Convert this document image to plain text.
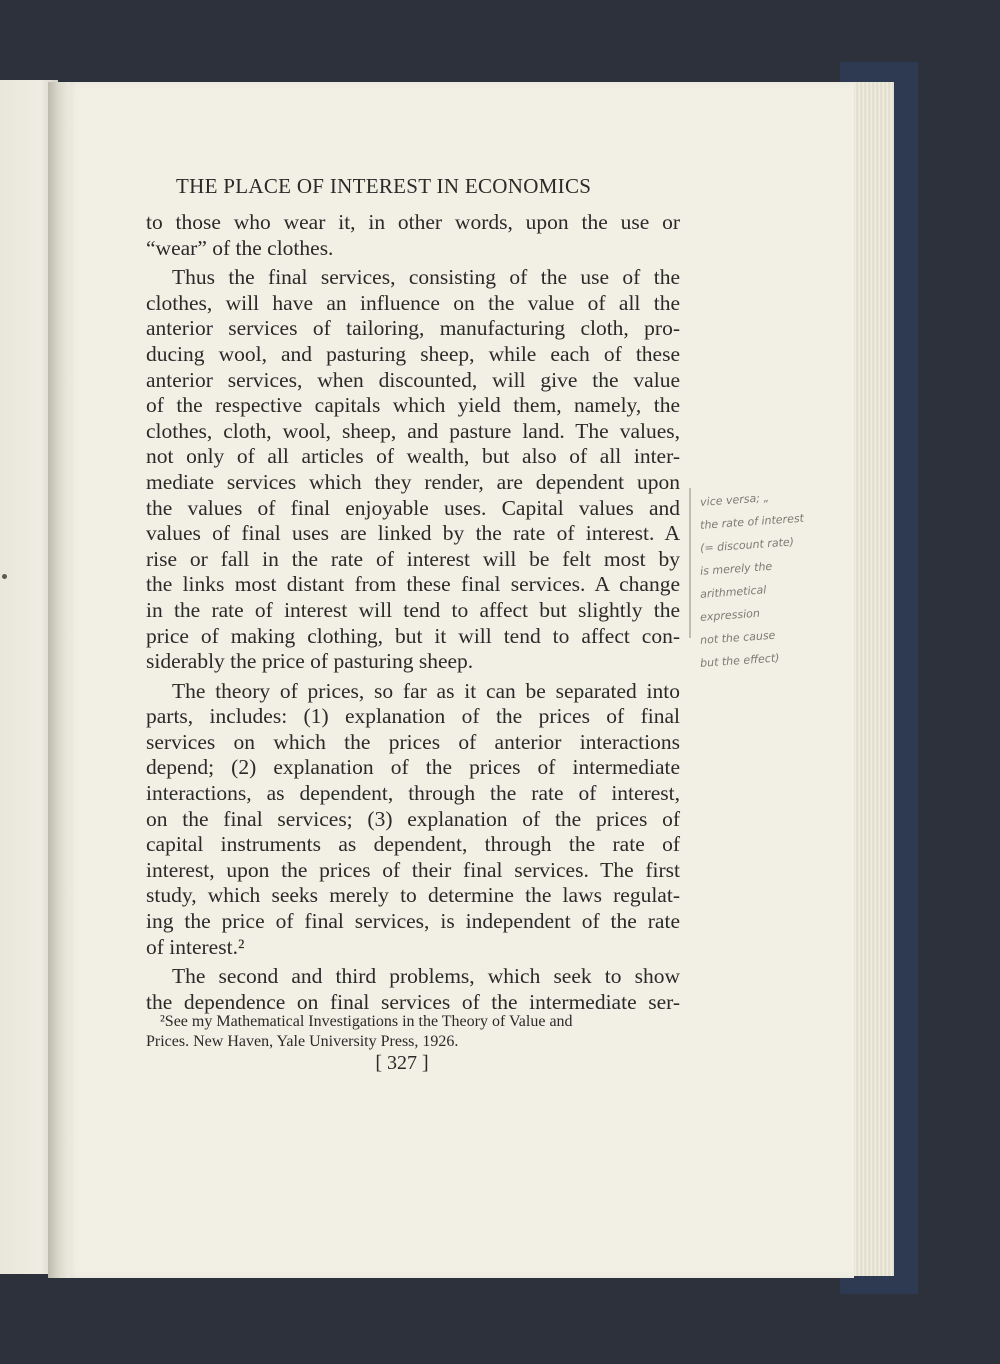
THE PLACE OF INTEREST IN ECONOMICS
to those who wear it, in other words, upon the use or
“wear” of the clothes.
Thus the final services, consisting of the use of the
clothes, will have an influence on the value of all the
anterior services of tailoring, manufacturing cloth, pro-
ducing wool, and pasturing sheep, while each of these
anterior services, when discounted, will give the value
of the respective capitals which yield them, namely, the
clothes, cloth, wool, sheep, and pasture land. The values,
not only of all articles of wealth, but also of all inter-
mediate services which they render, are dependent upon
the values of final enjoyable uses. Capital values and
values of final uses are linked by the rate of interest. A
rise or fall in the rate of interest will be felt most by
the links most distant from these final services. A change
in the rate of interest will tend to affect but slightly the
price of making clothing, but it will tend to affect con-
siderably the price of pasturing sheep.
The theory of prices, so far as it can be separated into
parts, includes: (1) explanation of the prices of final
services on which the prices of anterior interactions
depend; (2) explanation of the prices of intermediate
interactions, as dependent, through the rate of interest,
on the final services; (3) explanation of the prices of
capital instruments as dependent, through the rate of
interest, upon the prices of their final services. The first
study, which seeks merely to determine the laws regulat-
ing the price of final services, is independent of the rate
of interest.²
The second and third problems, which seek to show
the dependence on final services of the intermediate ser-
²See my Mathematical Investigations in the Theory of Value and
Prices. New Haven, Yale University Press, 1926.
[ 327 ]
vice versa; „
the rate of interest
(= discount rate)
is merely the
arithmetical
expression
not the cause
but the effect)
